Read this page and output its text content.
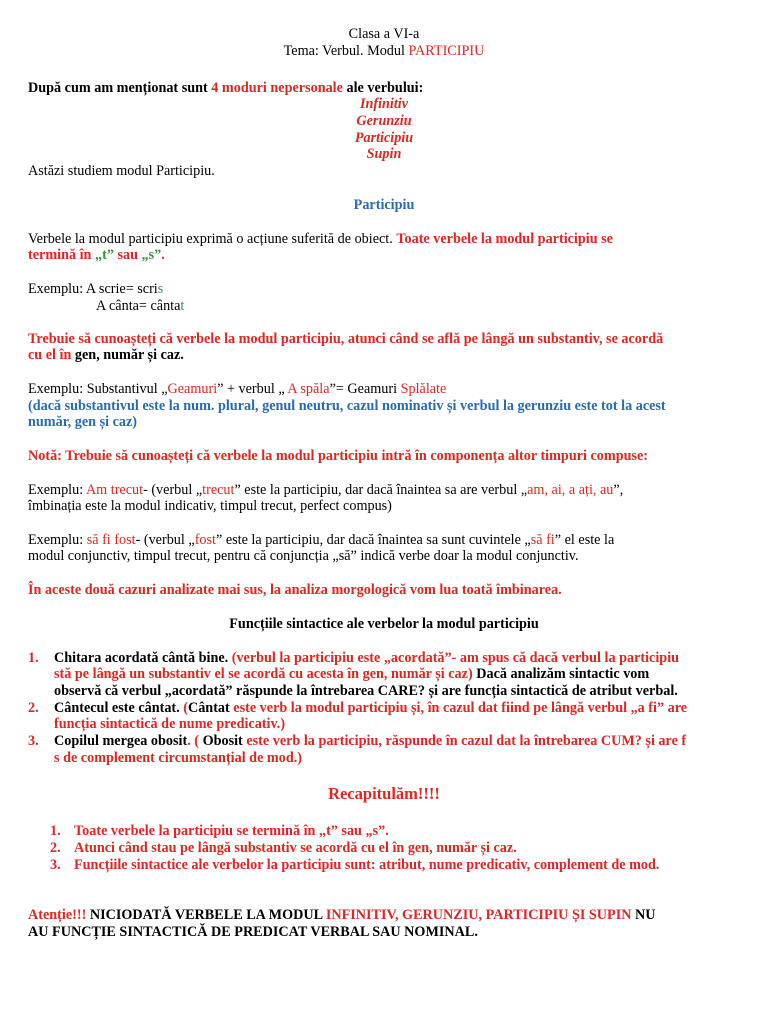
Clasa a VI-a

Tema: Verbul. Modul PARTICIPIU

După cum am menționat sunt 4 moduri nepersonale ale verbului:

Infinitiv

Gerunziu

Participiu

Supin

Astăzi studiem modul Participiu.

Participiu

Verbele la modul participiu exprimă o acțiune suferită de obiect. Toate verbele la modul participiu se

termină în „t” sau „s”.

Exemplu: A scrie= scris

A cânta= cântat

Trebuie să cunoașteți că verbele la modul participiu, atunci când se află pe lângă un substantiv, se acordă

cu el în gen, număr și caz.

Exemplu: Substantivul „Geamuri” + verbul „ A spăla”= Geamuri Splălate

(dacă substantivul este la num. plural, genul neutru, cazul nominativ și verbul la gerunziu este tot la acest

număr, gen și caz)

Notă: Trebuie să cunoașteți că verbele la modul participiu intră în componența altor timpuri compuse:

Exemplu: Am trecut- (verbul „trecut” este la participiu, dar dacă înaintea sa are verbul „am, ai, a ați, au”,

îmbinația este la modul indicativ, timpul trecut, perfect compus)

Exemplu: să fi fost- (verbul „fost” este la participiu, dar dacă înaintea sa sunt cuvintele „să fi” el este la

modul conjunctiv, timpul trecut, pentru că conjuncția „să” indică verbe doar la modul conjunctiv.

În aceste două cazuri analizate mai sus, la analiza morgologică vom lua toată îmbinarea.

Funcțiile sintactice ale verbelor la modul participiu

1. Chitara acordată cântă bine. (verbul la participiu este „acordată”- am spus că dacă verbul la participiu

stă pe lângă un substantiv el se acordă cu acesta în gen, număr și caz) Dacă analizăm sintactic vom

observă că verbul „acordată” răspunde la întrebarea CARE? și are funcția sintactică de atribut verbal.

2. Cântecul este cântat. (Cântat este verb la modul participiu și, în cazul dat fiind pe lângă verbul „a fi” are

funcția sintactică de nume predicativ.)

3. Copilul mergea obosit. ( Obosit este verb la participiu, răspunde în cazul dat la întrebarea CUM? și are f

s de complement circumstanțial de mod.)

Recapitulăm!!!!

1. Toate verbele la participiu se termină în „t” sau „s”.

2. Atunci când stau pe lângă substantiv se acordă cu el în gen, număr și caz.

3. Funcțiile sintactice ale verbelor la participiu sunt: atribut, nume predicativ, complement de mod.

Atenție!!! NICIODATĂ VERBELE LA MODUL INFINITIV, GERUNZIU, PARTICIPIU ȘI SUPIN NU

AU FUNCȚIE SINTACTICĂ DE PREDICAT VERBAL SAU NOMINAL.
